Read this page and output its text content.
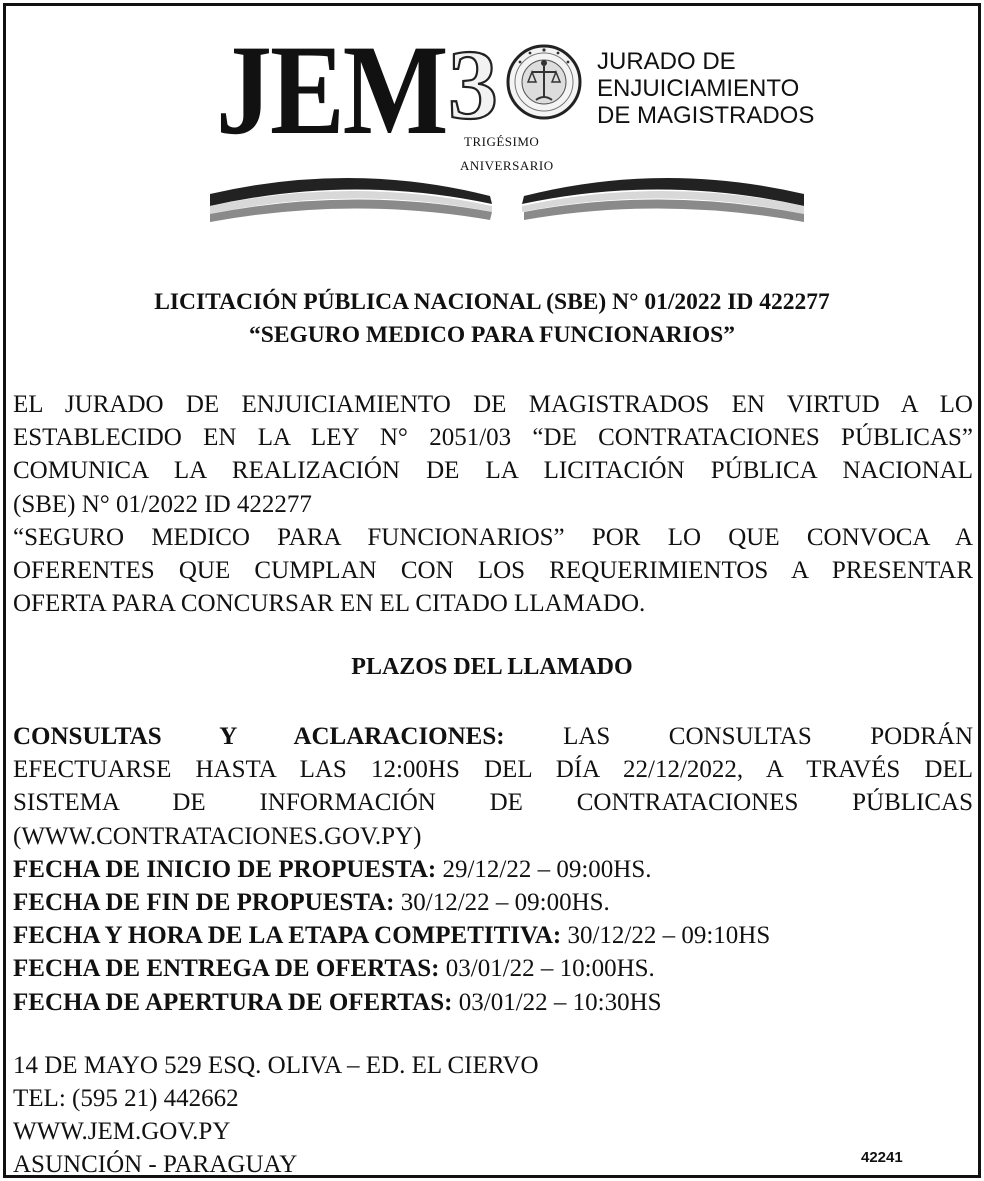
JEM 3
TRIGÉSIMO
ANIVERSARIO
JURADO DE
ENJUICIAMIENTO
DE MAGISTRADOS
LICITACIÓN PÚBLICA NACIONAL (SBE) N° 01/2022 ID 422277
“SEGURO MEDICO PARA FUNCIONARIOS”
EL JURADO DE ENJUICIAMIENTO DE MAGISTRADOS EN VIRTUD A LO
ESTABLECIDO EN LA LEY N° 2051/03 “DE CONTRATACIONES PÚBLICAS”
COMUNICA LA REALIZACIÓN DE LA LICITACIÓN PÚBLICA NACIONAL
(SBE) N° 01/2022 ID 422277
“SEGURO MEDICO PARA FUNCIONARIOS” POR LO QUE CONVOCA A
OFERENTES QUE CUMPLAN CON LOS REQUERIMIENTOS A PRESENTAR
OFERTA PARA CONCURSAR EN EL CITADO LLAMADO.
PLAZOS DEL LLAMADO
CONSULTAS Y ACLARACIONES: LAS CONSULTAS PODRÁN
EFECTUARSE HASTA LAS 12:00HS DEL DÍA 22/12/2022, A TRAVÉS DEL
SISTEMA DE INFORMACIÓN DE CONTRATACIONES PÚBLICAS
(WWW.CONTRATACIONES.GOV.PY)
FECHA DE INICIO DE PROPUESTA: 29/12/22 – 09:00HS.
FECHA DE FIN DE PROPUESTA: 30/12/22 – 09:00HS.
FECHA Y HORA DE LA ETAPA COMPETITIVA: 30/12/22 – 09:10HS
FECHA DE ENTREGA DE OFERTAS: 03/01/22 – 10:00HS.
FECHA DE APERTURA DE OFERTAS: 03/01/22 – 10:30HS
14 DE MAYO 529 ESQ. OLIVA – ED. EL CIERVO
TEL: (595 21) 442662
WWW.JEM.GOV.PY
ASUNCIÓN - PARAGUAY	42241
